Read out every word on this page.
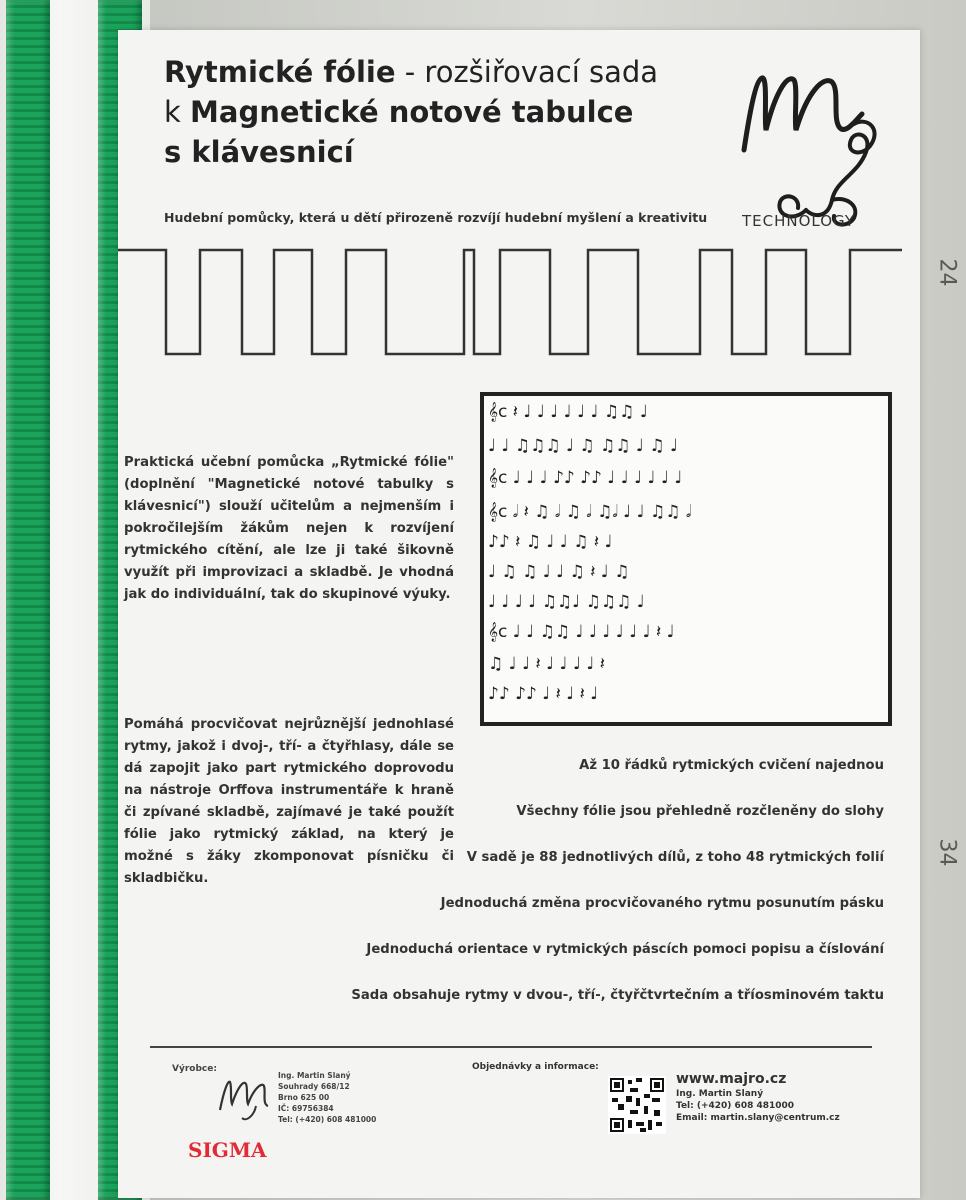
24
34
Rytmické fólie - rozšiřovací sada
k Magnetické notové tabulce
s klávesnicí
Hudební pomůcky, která u dětí přirozeně rozvíjí hudební myšlení a kreativitu TECHNOLOGY
Praktická učební pomůcka „Rytmické fólie" (doplnění "Magnetické notové tabulky s klávesnicí") slouží učitelům a nejmenším i pokročilejším žákům nejen k rozvíjení rytmického cítění, ale lze ji také šikovně využít při improvizaci a skladbě. Je vhodná jak do individuální, tak do skupinové výuky.
𝄞c 𝄽 ♩ ♩ ♩ ♩ ♩ ♩ ♫♫ ♩
♩ ♩ ♫♫♫ ♩ ♫ ♫♫ ♩ ♫ ♩
𝄞c ♩ ♩ ♩ ♪♪ ♪♪ ♩ ♩ ♩ ♩ ♩ ♩
𝄞c 𝅗𝅥 𝄽 ♫ 𝅗𝅥 ♫ 𝅗𝅥 ♫𝅗𝅥 ♩ ♩ ♫♫ 𝅗𝅥
♪♪ 𝄽 ♫ ♩ ♩ ♫ 𝄽 ♩
♩ ♫ ♫ ♩ ♩ ♫ 𝄽 ♩ ♫
♩ ♩ ♩ ♩ ♫♫♩ ♫♫♫ ♩
𝄞c ♩ ♩ ♫♫ ♩ ♩ ♩ ♩ ♩ ♩ 𝄽 ♩
♫ ♩ ♩ 𝄽 ♩ ♩ ♩ ♩ 𝄽
♪♪ ♪♪ ♩ 𝄽 ♩ 𝄽 ♩
Pomáhá procvičovat nejrůznější jednohlasé rytmy, jakož i dvoj-, tří- a čtyřhlasy, dále se dá zapojit jako part rytmického doprovodu na nástroje Orffova instrumentáře k hraně či zpívané skladbě, zajímavé je také použít fólie jako rytmický základ, na který je možné s žáky zkomponovat písničku či skladbičku.
Až 10 řádků rytmických cvičení najednou
Všechny fólie jsou přehledně rozčleněny do slohy
V sadě je 88 jednotlivých dílů, z toho 48 rytmických folií
Jednoduchá změna procvičovaného rytmu posunutím pásku
Jednoduchá orientace v rytmických páscích pomoci popisu a číslování
Sada obsahuje rytmy v dvou-, tří-, čtyřčtvrtečním a tříosminovém taktu
Výrobce:
Ing. Martin Slaný
Souhrady 668/12
Brno 625 00
IČ: 69756384
Tel: (+420) 608 481000
SIGMA
Objednávky a informace:
www.majro.cz
Ing. Martin Slaný
Tel: (+420) 608 481000
Email: martin.slany@centrum.cz
